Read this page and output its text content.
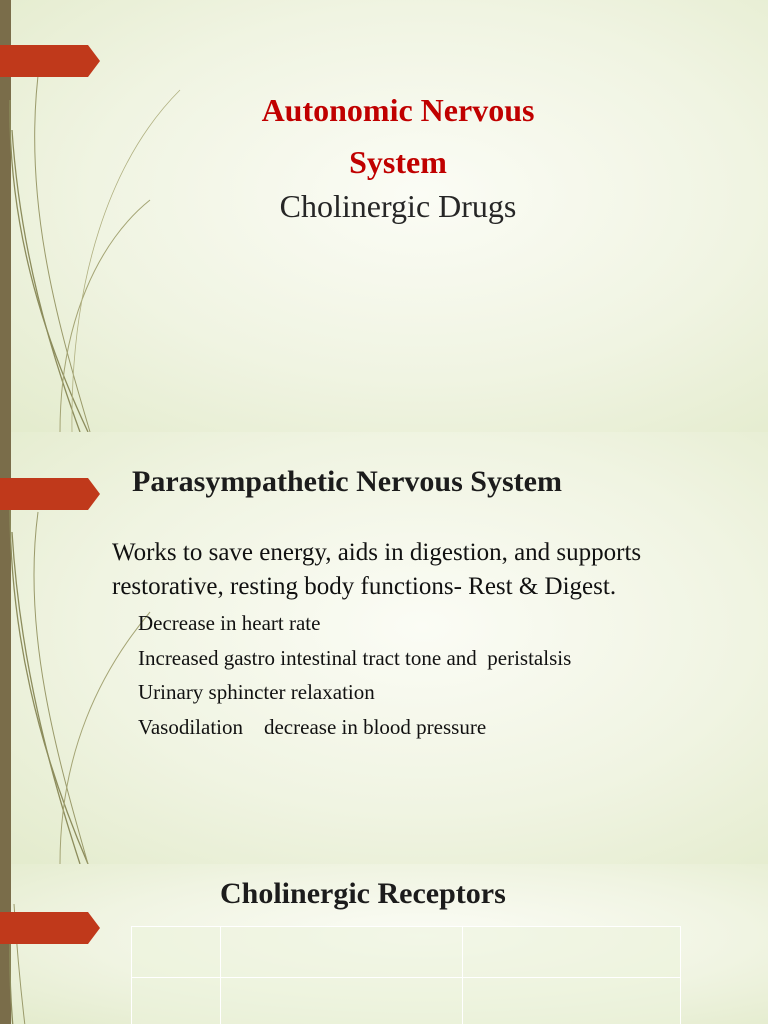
Autonomic Nervous
System

Cholinergic Drugs

Parasympathetic Nervous System

Works to save energy, aids in digestion, and supports restorative, resting body functions- Rest & Digest.

Decrease in heart rate
Increased gastro intestinal tract tone and  peristalsis
Urinary sphincter relaxation
Vasodilation    decrease in blood pressure
Cholinergic Receptors
